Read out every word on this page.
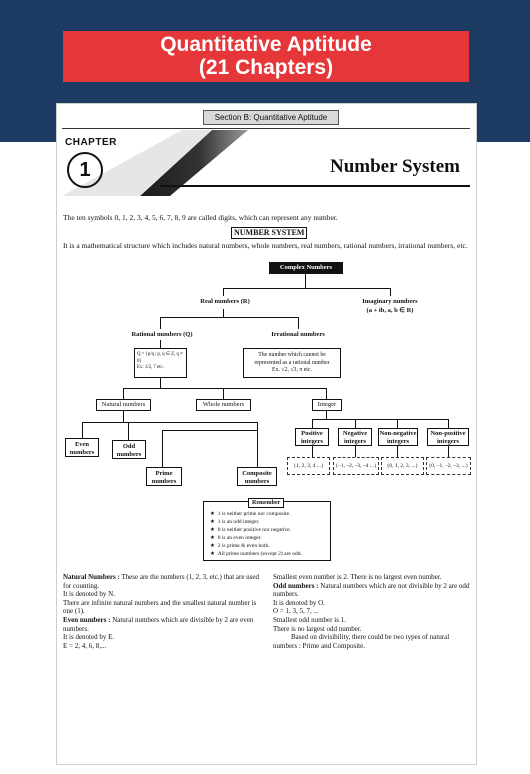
Quantitative Aptitude
(21 Chapters)
Section B: Quantitative Aptitude
CHAPTER
1	Number System
The ten symbols 0, 1, 2, 3, 4, 5, 6, 7, 8, 9 are called digits, which can represent any number.
NUMBER SYSTEM
It is a mathematical structure which includes natural numbers, whole numbers, real numbers, rational numbers, irrational numbers, etc.
Complex Numbers
Real numbers (R)	Imaginary numbers
(a + ib, a, b ∈ R)
Rational numbers (Q)	Irrational numbers
Q = {p/q | p, q ∈ Z, q ≠ 0}
Ex: 1/2, 7 etc.
The number which cannot be
represented as a rational number
Ex. √2, √3, π etc.
Natural numbers	Whole numbers	Integer
Even numbers
Odd numbers
Prime numbers
Composite numbers
Positive integers
Negative integers
Non-negative integers
Non-positive integers
{1, 2, 3, 4 ...}	{–1, –2, –3, –4 ...}	{0, 1, 2, 3, ...}	{0, –1, –2, –3, ...}
Remember
★  1 is neither prime nor composite.
★  1 is an odd integer.
★  0 is neither positive nor negative.
★  0 is an even integer.
★  2 is prime & even both.
★  All prime numbers (except 2) are odd.
Natural Numbers : These are the numbers (1, 2, 3, etc.) that are used for counting.
It is denoted by N.
There are infinite natural numbers and the smallest natural number is one (1).
Even numbers : Natural numbers which are divisible by 2 are even numbers.
It is denoted by E.
E = 2, 4, 6, 8,...
Smallest even number is 2. There is no largest even number.
Odd numbers : Natural numbers which are not divisible by 2 are odd numbers.
It is denoted by O.
O = 1, 3, 5, 7, ...
Smallest odd number is 1.
There is no largest odd number.
Based on divisibility, there could be two types of natural numbers : Prime and Composite.
